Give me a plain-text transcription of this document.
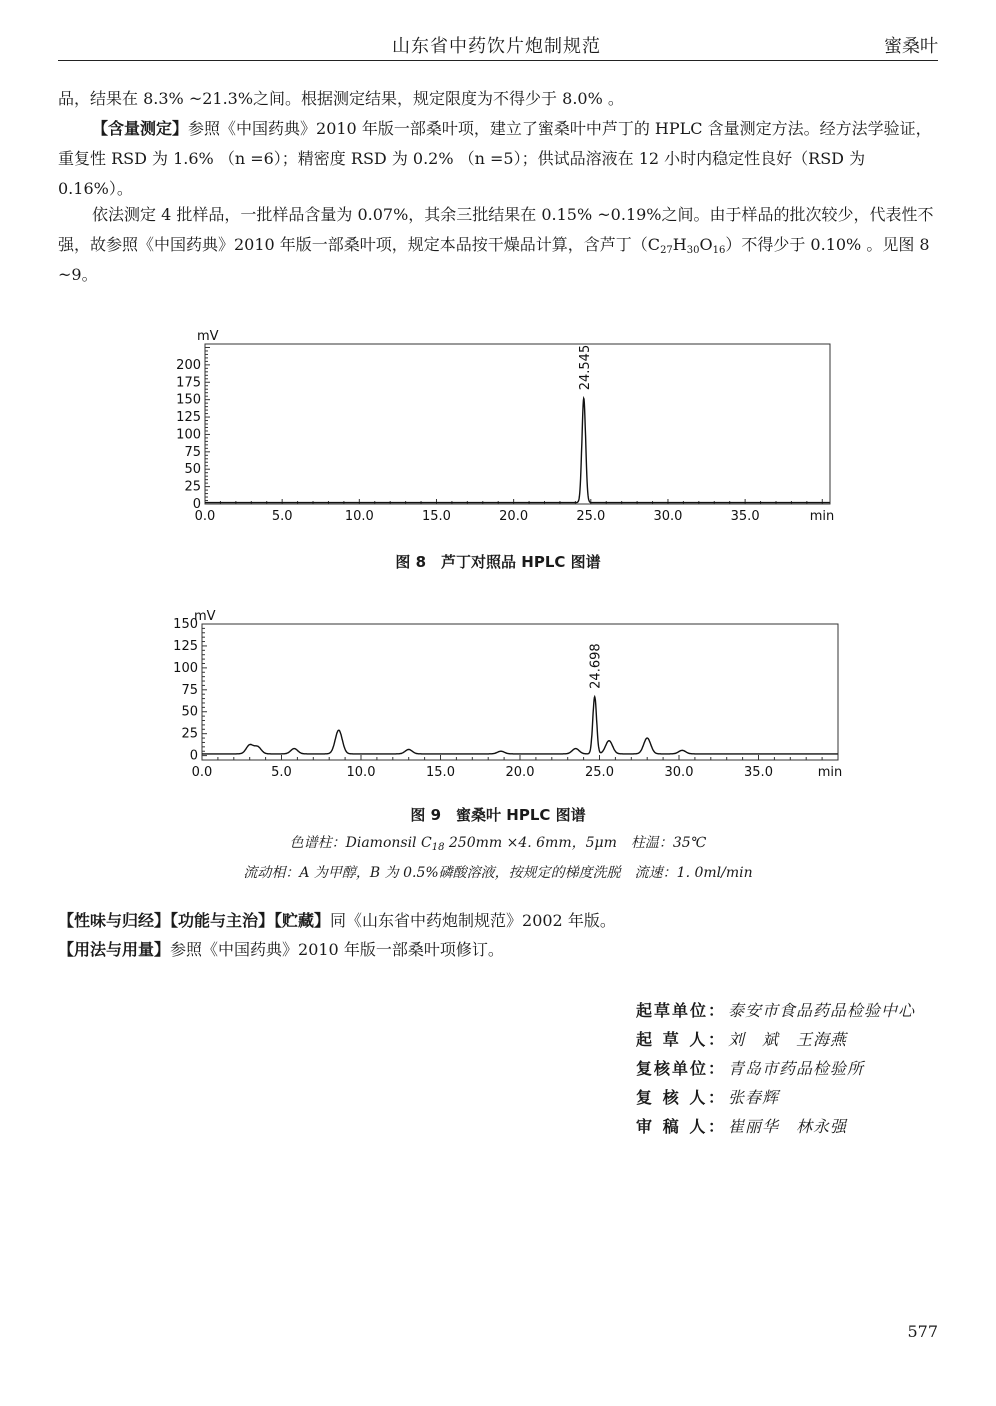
山东省中药饮片炮制规范	蜜桑叶
品，结果在 8.3% ~21.3%之间。根据测定结果，规定限度为不得少于 8.0% 。
【含量测定】参照《中国药典》2010 年版一部桑叶项，建立了蜜桑叶中芦丁的 HPLC 含量测定方法。经方法学验证，重复性 RSD 为 1.6% （n =6）；精密度 RSD 为 0.2% （n =5）；供试品溶液在 12 小时内稳定性良好（RSD 为 0.16%）。
依法测定 4 批样品，一批样品含量为 0.07%，其余三批结果在 0.15% ~0.19%之间。由于样品的批次较少，代表性不强，故参照《中国药典》2010 年版一部桑叶项，规定本品按干燥品计算，含芦丁$(C_{27}H_{30}O_{16})$不得少于 0.10% 。见图 8 ~9。
0
25
50
75
100
125
150
175
200
0.0	5.0	10.0	15.0	20.0	25.0	30.0	35.0	min
mV
24.545
图 8　芦丁对照品 HPLC 图谱
0
25
50
75
100
125
150
0.0	5.0	10.0	15.0	20.0	25.0	30.0	35.0	min
mV
24.698
图 9　蜜桑叶 HPLC 图谱
色谱柱：Diamonsil $C_{18}$ 250mm ×4. 6mm，5μm　柱温：35℃
流动相：A 为甲醇，B 为 0.5%磷酸溶液，按规定的梯度洗脱　流速：1. 0ml/min
【性味与归经】【功能与主治】【贮藏】同《山东省中药炮制规范》2002 年版。
【用法与用量】参照《中国药典》2010 年版一部桑叶项修订。
起草单位： 泰安市食品药品检验中心
起 草 人： 刘　斌　王海燕
复核单位： 青岛市药品检验所
复 核 人： 张春辉
审 稿 人： 崔丽华　林永强
577
